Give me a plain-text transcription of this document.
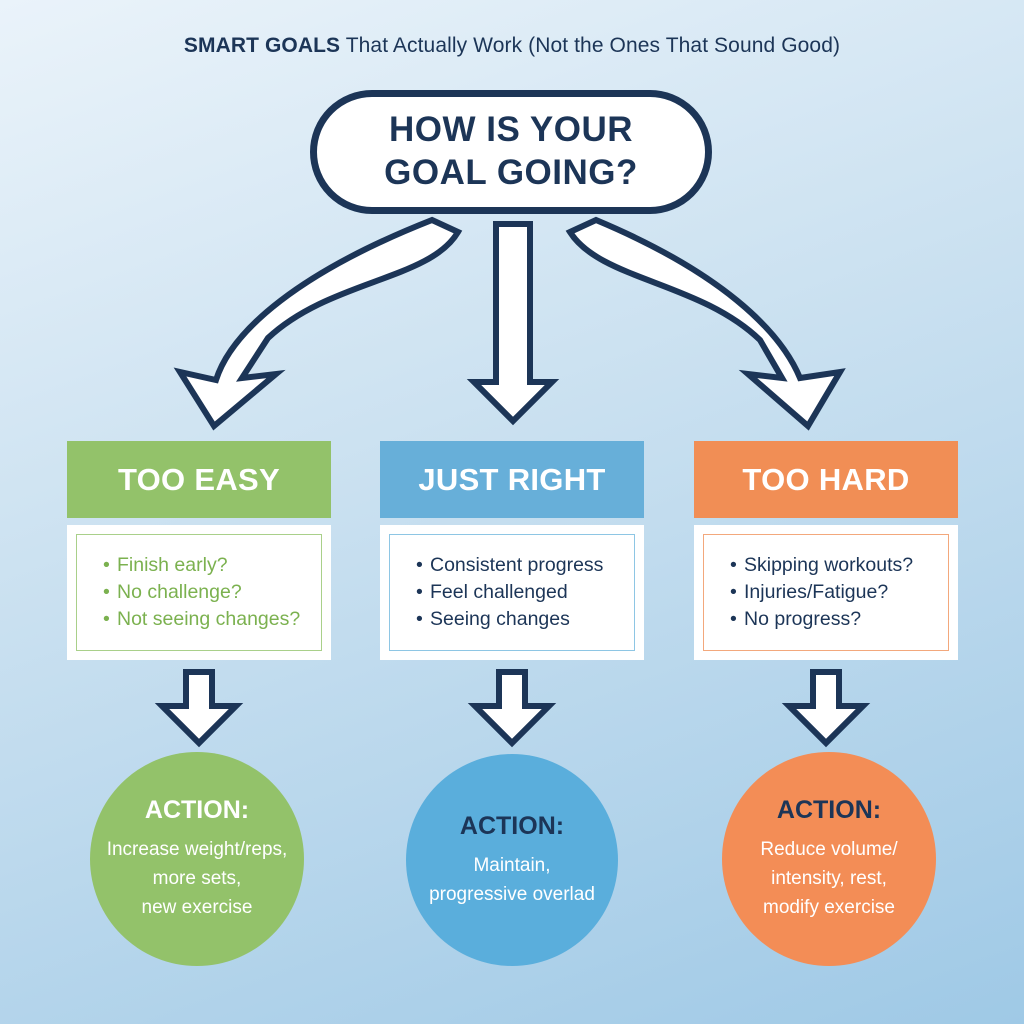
SMART GOALS That Actually Work (Not the Ones That Sound Good)
HOW IS YOUR
GOAL GOING?
TOO EASY	JUST RIGHT	TOO HARD
• Finish early?
• No challenge?
• Not seeing changes?
• Consistent progress
• Feel challenged
• Seeing changes
• Skipping workouts?
• Injuries/Fatigue?
• No progress?
ACTION:
Increase weight/reps,
more sets,
new exercise
ACTION:
Maintain,
progressive overlad
ACTION:
Reduce volume/
intensity, rest,
modify exercise
